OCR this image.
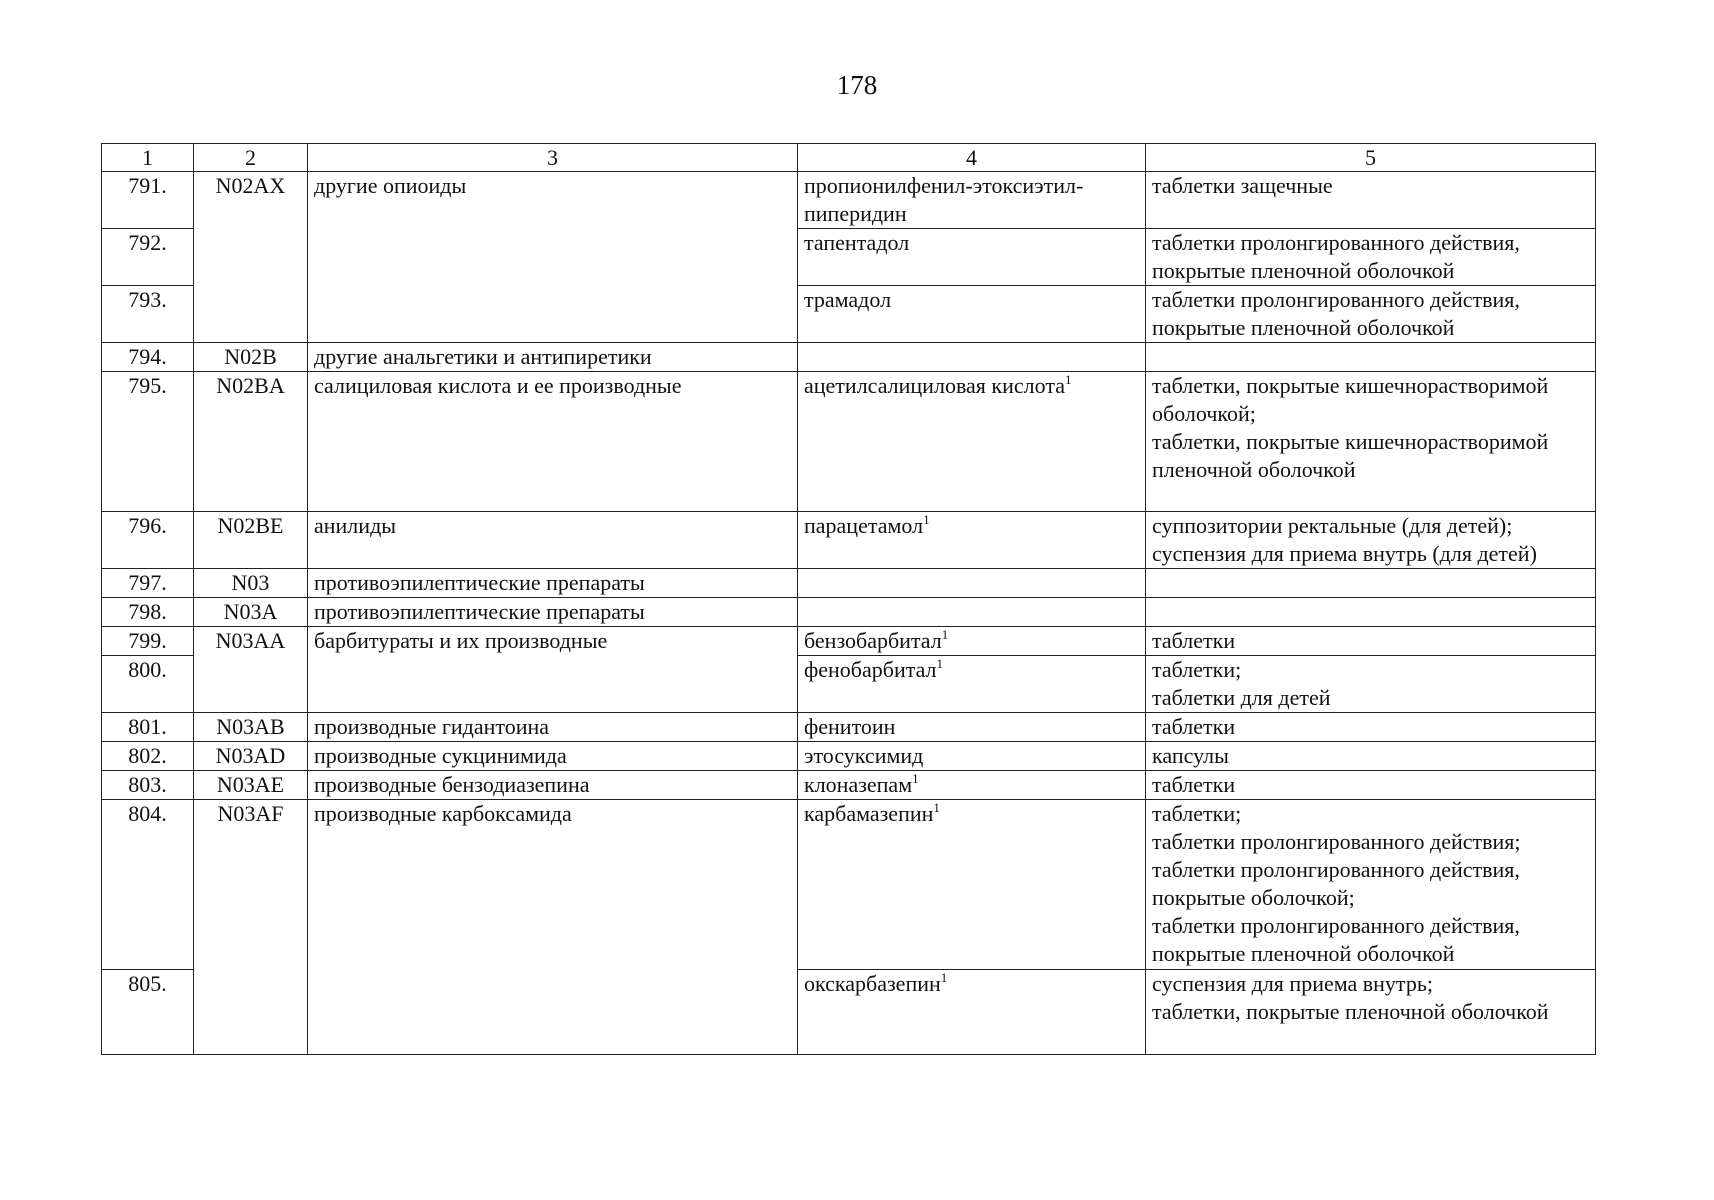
178
1	2	3	4	5
791.	N02AX	другие опиоиды	пропионилфенил-этоксиэтил-пиперидин	таблетки защечные
792.			тапентадол	таблетки пролонгированного действия, покрытые пленочной оболочкой
793.			трамадол	таблетки пролонгированного действия, покрытые пленочной оболочкой
794.	N02B	другие анальгетики и антипиретики		
795.	N02BA	салициловая кислота и ее производные	ацетилсалициловая кислота$^1$	таблетки, покрытые кишечнорастворимой оболочкой;
таблетки, покрытые кишечнорастворимой пленочной оболочкой
796.	N02BE	анилиды	парацетамол$^1$	суппозитории ректальные (для детей);
суспензия для приема внутрь (для детей)
797.	N03	противоэпилептические препараты		
798.	N03A	противоэпилептические препараты		
799.	N03AA	барбитураты и их производные	бензобарбитал$^1$	таблетки
800.			фенобарбитал$^1$	таблетки;
таблетки для детей
801.	N03AB	производные гидантоина	фенитоин	таблетки
802.	N03AD	производные сукцинимида	этосуксимид	капсулы
803.	N03AE	производные бензодиазепина	клоназепам$^1$	таблетки
804.	N03AF	производные карбоксамида	карбамазепин$^1$	таблетки;
таблетки пролонгированного действия;
таблетки пролонгированного действия, покрытые оболочкой;
таблетки пролонгированного действия, покрытые пленочной оболочкой
805.			окскарбазепин$^1$	суспензия для приема внутрь;
таблетки, покрытые пленочной оболочкой
